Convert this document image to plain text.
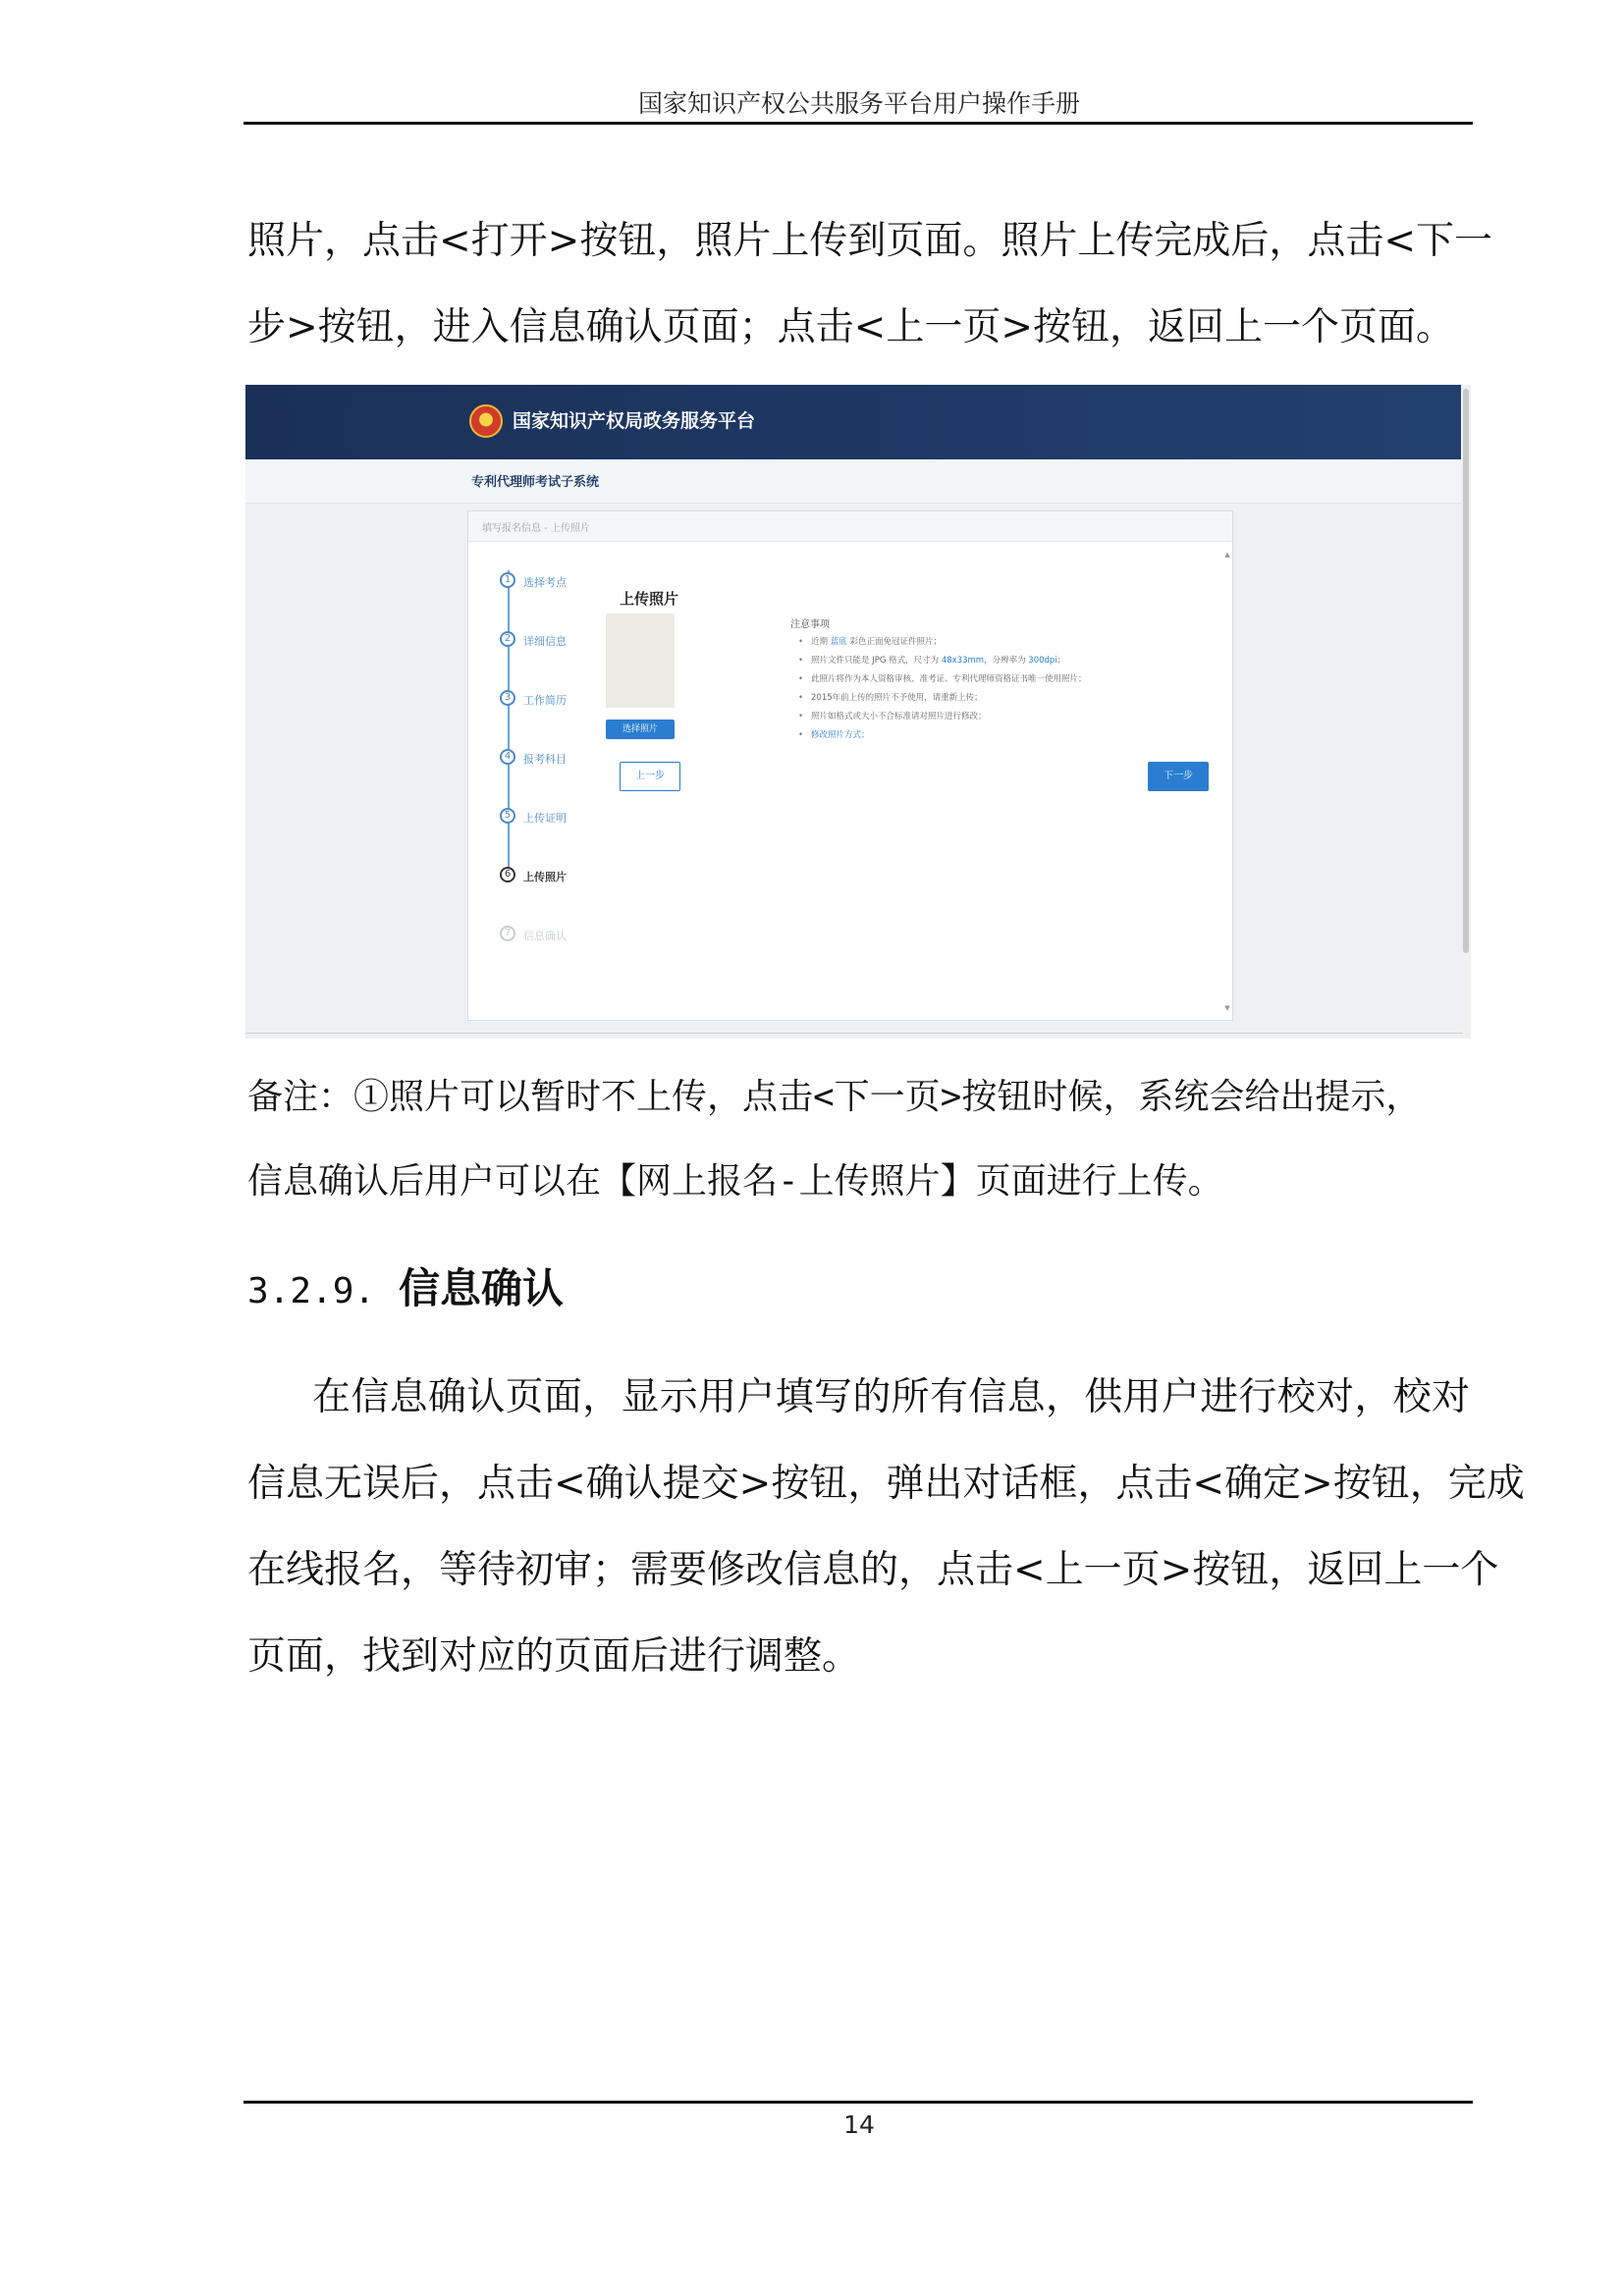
国家知识产权公共服务平台用户操作手册
照片，点击<打开>按钮，照片上传到页面。照片上传完成后，点击<下一
步>按钮，进入信息确认页面；点击<上一页>按钮，返回上一个页面。
国家知识产权局政务服务平台
专利代理师考试子系统
填写报名信息 - 上传照片
1	选择考点
2	详细信息
3	工作简历
4	报考科目
5	上传证明
6	上传照片
7	信息确认
上传照片
选择照片
注意事项
• 近期 蓝底 彩色正面免冠证件照片；
• 照片文件只能是 JPG 格式，尺寸为 48x33mm，分辨率为 300dpi；
• 此照片将作为本人资格审核、准考证、专利代理师资格证书唯一使用照片；
• 2015年前上传的照片不予使用，请重新上传；
• 照片如格式或大小不合标准请对照片进行修改；
• 修改照片方式；
上一步	下一步
▲
▼
备注：①照片可以暂时不上传，点击<下一页>按钮时候，系统会给出提示，
信息确认后用户可以在【网上报名-上传照片】页面进行上传。
3.2.9. 信息确认
在信息确认页面，显示用户填写的所有信息，供用户进行校对，校对
信息无误后，点击<确认提交>按钮，弹出对话框，点击<确定>按钮，完成
在线报名，等待初审；需要修改信息的，点击<上一页>按钮，返回上一个
页面，找到对应的页面后进行调整。
14
